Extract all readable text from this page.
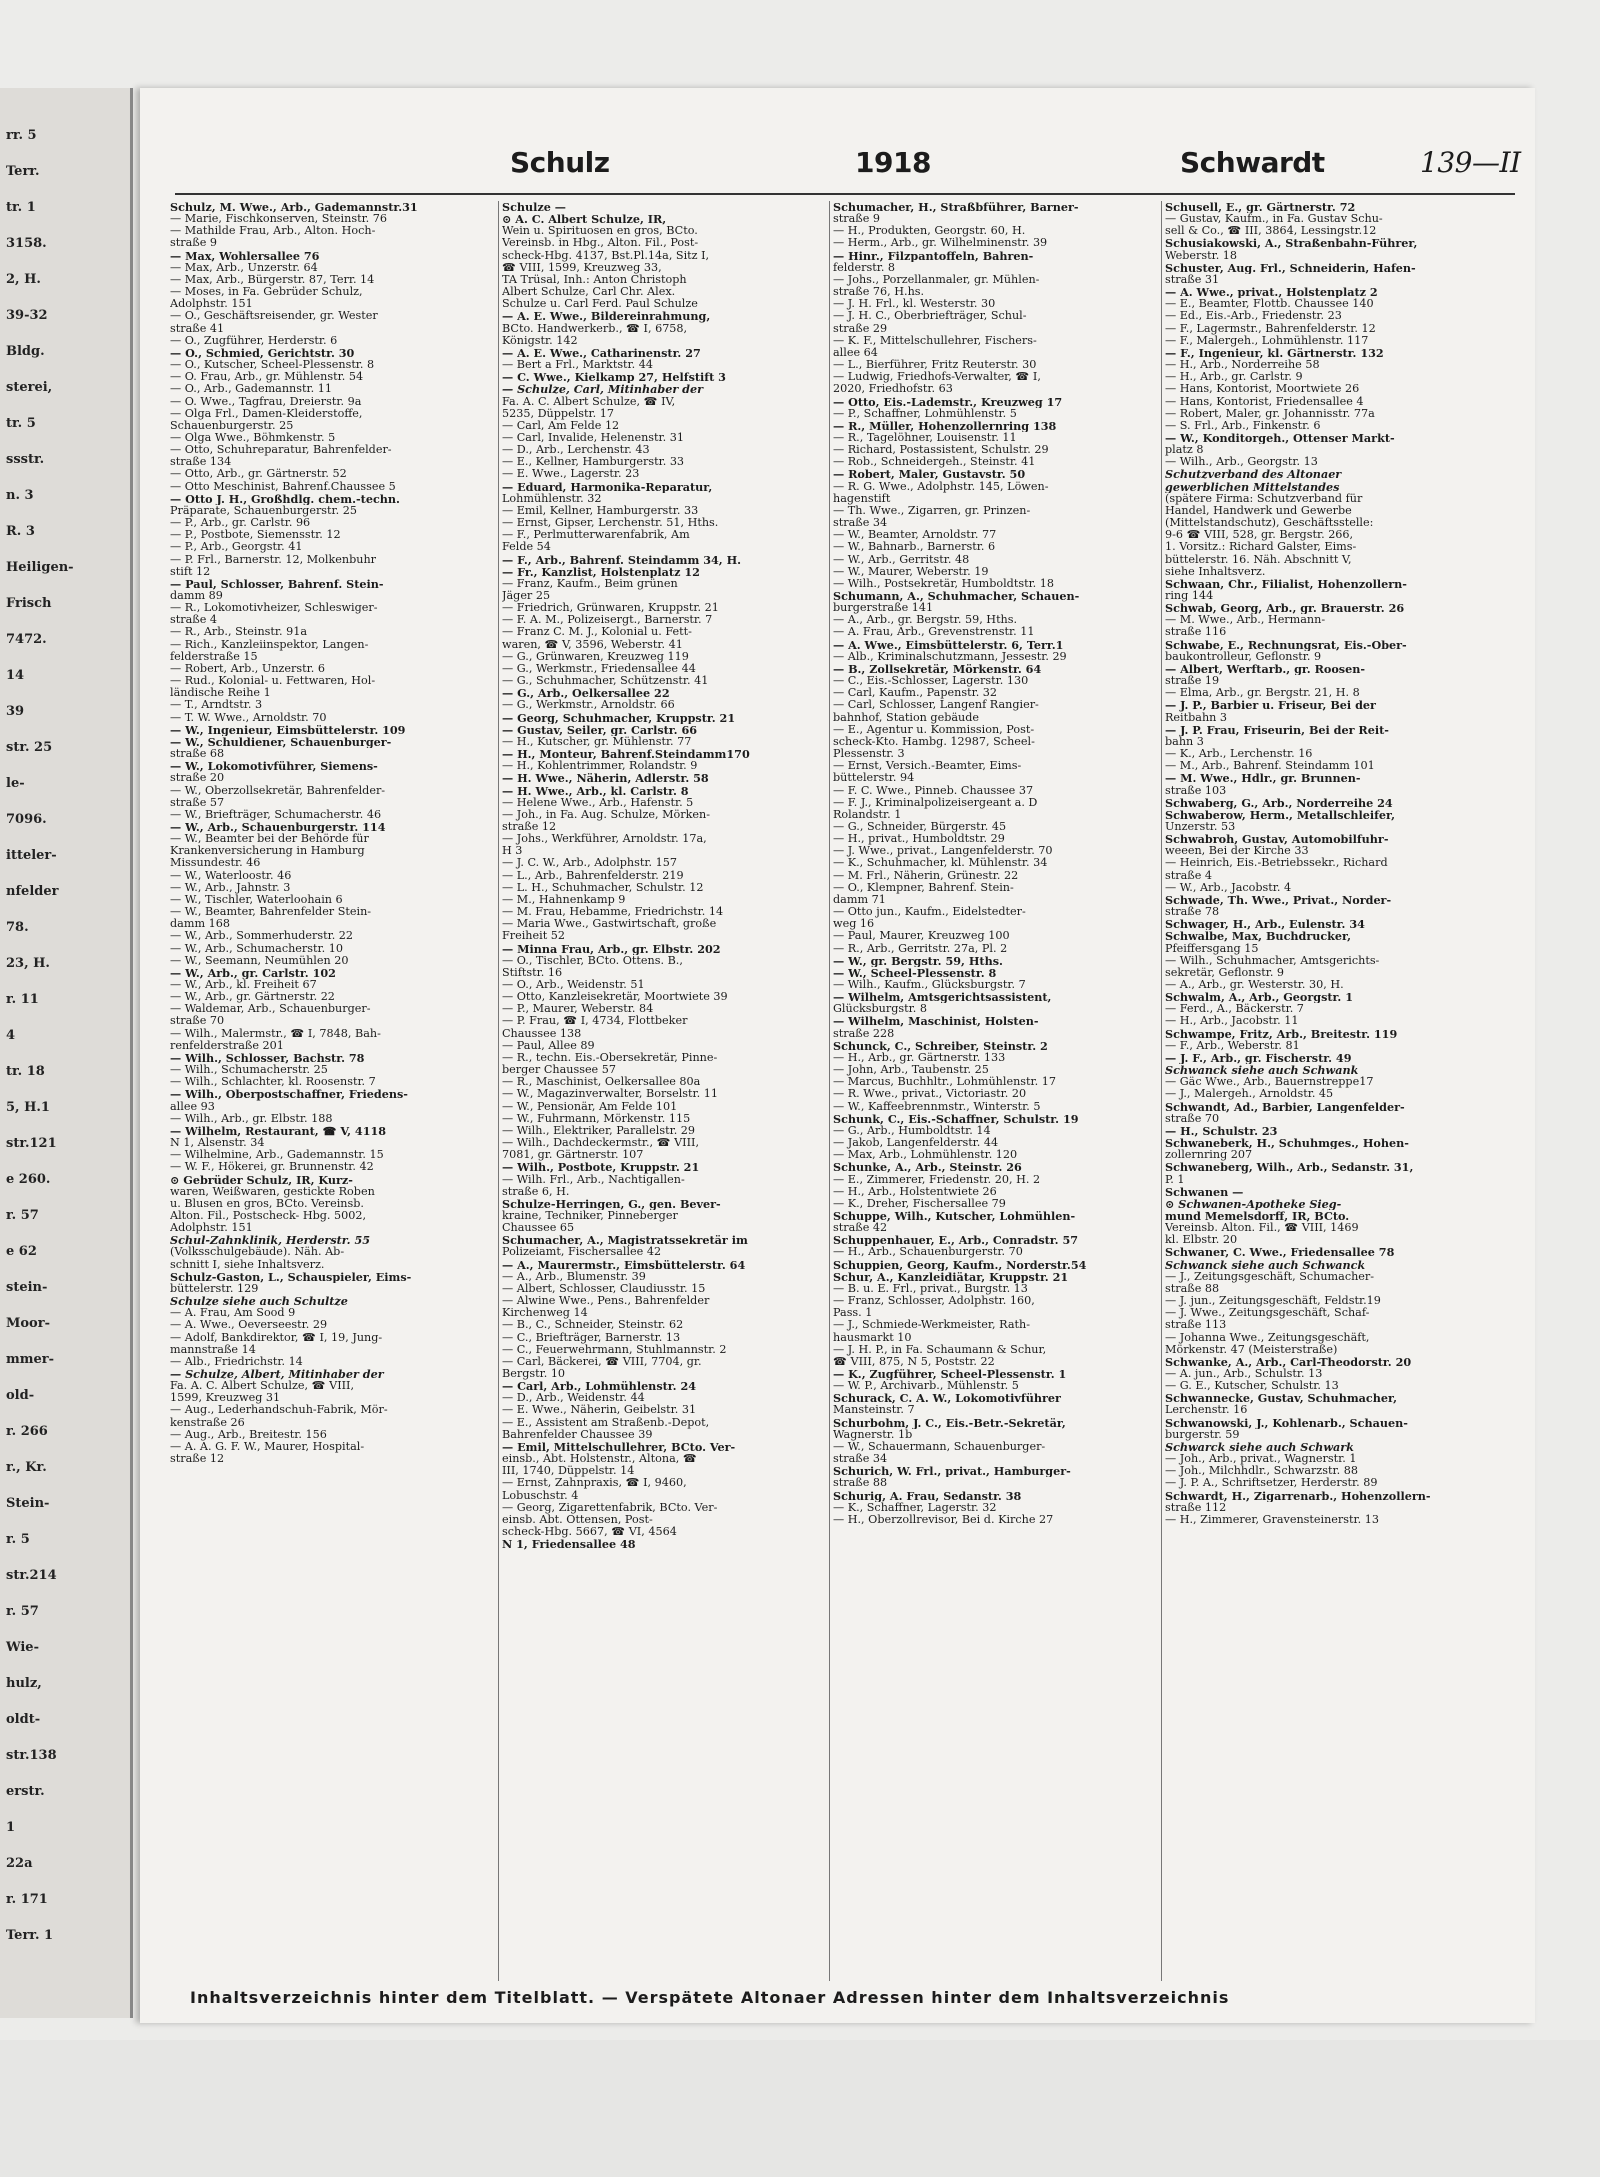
rr. 5
Terr.
tr. 1
3158.
2, H.
39-32
Bldg.
sterei,
tr. 5
ssstr.
n. 3
R. 3
Heiligen-
Frisch
7472.
14
39
str. 25
le-
7096.
itteler-
nfelder
78.
23, H.
r. 11
4
tr. 18
5, H.1
str.121
e 260.
r. 57
e 62
stein-
Moor-
mmer-
old-
r. 266
r., Kr.
Stein-
r. 5
str.214
r. 57
Wie-
hulz,
oldt-
str.138
erstr.
1
22a
r. 171
Terr. 1
Schulz	1918	Schwardt	139—II

Schulz, M. Wwe., Arb., Gademannstr.31

— Marie, Fischkonserven, Steinstr. 76

— Mathilde Frau, Arb., Alton. Hoch-

straße 9

— Max, Wohlersallee 76

— Max, Arb., Unzerstr. 64

— Max, Arb., Bürgerstr. 87, Terr. 14

— Moses, in Fa. Gebrüder Schulz,

Adolphstr. 151

— O., Geschäftsreisender, gr. Wester

straße 41

— O., Zugführer, Herderstr. 6

— O., Schmied, Gerichtstr. 30

— O., Kutscher, Scheel-Plessenstr. 8

— O. Frau, Arb., gr. Mühlenstr. 54

— O., Arb., Gademannstr. 11

— O. Wwe., Tagfrau, Dreierstr. 9a

— Olga Frl., Damen-Kleiderstoffe,

Schauenburgerstr. 25

— Olga Wwe., Böhmkenstr. 5

— Otto, Schuhreparatur, Bahrenfelder-

straße 134

— Otto, Arb., gr. Gärtnerstr. 52

— Otto Meschinist, Bahrenf.Chaussee 5

— Otto J. H., Großhdlg. chem.-techn.

Präparate, Schauenburgerstr. 25

— P., Arb., gr. Carlstr. 96

— P., Postbote, Siemensstr. 12

— P., Arb., Georgstr. 41

— P. Frl., Barnerstr. 12, Molkenbuhr

stift 12

— Paul, Schlosser, Bahrenf. Stein-

damm 89

— R., Lokomotivheizer, Schleswiger-

straße 4

— R., Arb., Steinstr. 91a

— Rich., Kanzleiinspektor, Langen-

felderstraße 15

— Robert, Arb., Unzerstr. 6

— Rud., Kolonial- u. Fettwaren, Hol-

ländische Reihe 1

— T., Arndtstr. 3

— T. W. Wwe., Arnoldstr. 70

— W., Ingenieur, Eimsbüttelerstr. 109

— W., Schuldiener, Schauenburger-

straße 68

— W., Lokomotivführer, Siemens-

straße 20

— W., Oberzollsekretär, Bahrenfelder-

straße 57

— W., Briefträger, Schumacherstr. 46

— W., Arb., Schauenburgerstr. 114

— W., Beamter bei der Behörde für

Krankenversicherung in Hamburg

Missundestr. 46

— W., Waterloostr. 46

— W., Arb., Jahnstr. 3

— W., Tischler, Waterloohain 6

— W., Beamter, Bahrenfelder Stein-

damm 168

— W., Arb., Sommerhuderstr. 22

— W., Arb., Schumacherstr. 10

— W., Seemann, Neumühlen 20

— W., Arb., gr. Carlstr. 102

— W., Arb., kl. Freiheit 67

— W., Arb., gr. Gärtnerstr. 22

— Waldemar, Arb., Schauenburger-

straße 70

— Wilh., Malermstr., ☎ I, 7848, Bah-

renfelderstraße 201

— Wilh., Schlosser, Bachstr. 78

— Wilh., Schumacherstr. 25

— Wilh., Schlachter, kl. Roosenstr. 7

— Wilh., Oberpostschaffner, Friedens-

allee 93

— Wilh., Arb., gr. Elbstr. 188

— Wilhelm, Restaurant, ☎ V, 4118

N 1, Alsenstr. 34

— Wilhelmine, Arb., Gademannstr. 15

— W. F., Hökerei, gr. Brunnenstr. 42

⊙ Gebrüder Schulz, IR, Kurz-

waren, Weißwaren, gestickte Roben

u. Blusen en gros, BCto. Vereinsb.

Alton. Fil., Postscheck- Hbg. 5002,

Adolphstr. 151

Schul-Zahnklinik, Herderstr. 55

(Volksschulgebäude). Näh. Ab-

schnitt I, siehe Inhaltsverz.

Schulz-Gaston, L., Schauspieler, Eims-

büttelerstr. 129

Schulze siehe auch Schultze

— A. Frau, Am Sood 9

— A. Wwe., Oeverseestr. 29

— Adolf, Bankdirektor, ☎ I, 19, Jung-

mannstraße 14

— Alb., Friedrichstr. 14

— Schulze, Albert, Mitinhaber der

Fa. A. C. Albert Schulze, ☎ VIII,

1599, Kreuzweg 31

— Aug., Lederhandschuh-Fabrik, Mör-

kenstraße 26

— Aug., Arb., Breitestr. 156

— A. A. G. F. W., Maurer, Hospital-

straße 12

Schulze —

⊙ A. C. Albert Schulze, IR,

Wein u. Spirituosen en gros, BCto.

Vereinsb. in Hbg., Alton. Fil., Post-

scheck-Hbg. 4137, Bst.Pl.14a, Sitz I,

☎ VIII, 1599, Kreuzweg 33,

TA Trüsal, Inh.: Anton Christoph

Albert Schulze, Carl Chr. Alex.

Schulze u. Carl Ferd. Paul Schulze

— A. E. Wwe., Bildereinrahmung,

BCto. Handwerkerb., ☎ I, 6758,

Königstr. 142

— A. E. Wwe., Catharinenstr. 27

— Bert a Frl., Marktstr. 44

— C. Wwe., Kielkamp 27, Helfstift 3

— Schulze, Carl, Mitinhaber der

Fa. A. C. Albert Schulze, ☎ IV,

5235, Düppelstr. 17

— Carl, Am Felde 12

— Carl, Invalide, Helenenstr. 31

— D., Arb., Lerchenstr. 43

— E., Kellner, Hamburgerstr. 33

— E. Wwe., Lagerstr. 23

— Eduard, Harmonika-Reparatur,

Lohmühlenstr. 32

— Emil, Kellner, Hamburgerstr. 33

— Ernst, Gipser, Lerchenstr. 51, Hths.

— F., Perlmutterwarenfabrik, Am

Felde 54

— F., Arb., Bahrenf. Steindamm 34, H.

— Fr., Kanzlist, Holstenplatz 12

— Franz, Kaufm., Beim grünen

Jäger 25

— Friedrich, Grünwaren, Kruppstr. 21

— F. A. M., Polizeisergt., Barnerstr. 7

— Franz C. M. J., Kolonial u. Fett-

waren, ☎ V, 3596, Weberstr. 41

— G., Grünwaren, Kreuzweg 119

— G., Werkmstr., Friedensallee 44

— G., Schuhmacher, Schützenstr. 41

— G., Arb., Oelkersallee 22

— G., Werkmstr., Arnoldstr. 66

— Georg, Schuhmacher, Kruppstr. 21

— Gustav, Seiler, gr. Carlstr. 66

— H., Kutscher, gr. Mühlenstr. 77

— H., Monteur, Bahrenf.Steindamm170

— H., Kohlentrimmer, Rolandstr. 9

— H. Wwe., Näherin, Adlerstr. 58

— H. Wwe., Arb., kl. Carlstr. 8

— Helene Wwe., Arb., Hafenstr. 5

— Joh., in Fa. Aug. Schulze, Mörken-

straße 12

— Johs., Werkführer, Arnoldstr. 17a,

H 3

— J. C. W., Arb., Adolphstr. 157

— L., Arb., Bahrenfelderstr. 219

— L. H., Schuhmacher, Schulstr. 12

— M., Hahnenkamp 9

— M. Frau, Hebamme, Friedrichstr. 14

— Maria Wwe., Gastwirtschaft, große

Freiheit 52

— Minna Frau, Arb., gr. Elbstr. 202

— O., Tischler, BCto. Ottens. B.,

Stiftstr. 16

— O., Arb., Weidenstr. 51

— Otto, Kanzleisekretär, Moortwiete 39

— P., Maurer, Weberstr. 84

— P. Frau, ☎ I, 4734, Flottbeker

Chaussee 138

— Paul, Allee 89

— R., techn. Eis.-Obersekretär, Pinne-

berger Chaussee 57

— R., Maschinist, Oelkersallee 80a

— W., Magazinverwalter, Borselstr. 11

— W., Pensionär, Am Felde 101

— W., Fuhrmann, Mörkenstr. 115

— Wilh., Elektriker, Parallelstr. 29

— Wilh., Dachdeckermstr., ☎ VIII,

7081, gr. Gärtnerstr. 107

— Wilh., Postbote, Kruppstr. 21

— Wilh. Frl., Arb., Nachtigallen-

straße 6, H.

Schulze-Herringen, G., gen. Bever-

kraine, Techniker, Pinneberger

Chaussee 65

Schumacher, A., Magistratssekretär im

Polizeiamt, Fischersallee 42

— A., Maurermstr., Eimsbüttelerstr. 64

— A., Arb., Blumenstr. 39

— Albert, Schlosser, Claudiusstr. 15

— Alwine Wwe., Pens., Bahrenfelder

Kirchenweg 14

— B., C., Schneider, Steinstr. 62

— C., Briefträger, Barnerstr. 13

— C., Feuerwehrmann, Stuhlmannstr. 2

— Carl, Bäckerei, ☎ VIII, 7704, gr.

Bergstr. 10

— Carl, Arb., Lohmühlenstr. 24

— D., Arb., Weidenstr. 44

— E. Wwe., Näherin, Geibelstr. 31

— E., Assistent am Straßenb.-Depot,

Bahrenfelder Chaussee 39

— Emil, Mittelschullehrer, BCto. Ver-

einsb., Abt. Holstenstr., Altona, ☎

III, 1740, Düppelstr. 14

— Ernst, Zahnpraxis, ☎ I, 9460,

Lobuschstr. 4

— Georg, Zigarettenfabrik, BCto. Ver-

einsb. Abt. Ottensen, Post-

scheck-Hbg. 5667, ☎ VI, 4564

N 1, Friedensallee 48

Schumacher, H., Straßbführer, Barner-

straße 9

— H., Produkten, Georgstr. 60, H.

— Herm., Arb., gr. Wilhelminenstr. 39

— Hinr., Filzpantoffeln, Bahren-

felderstr. 8

— Johs., Porzellanmaler, gr. Mühlen-

straße 76, H.hs.

— J. H. Frl., kl. Westerstr. 30

— J. H. C., Oberbriefträger, Schul-

straße 29

— K. F., Mittelschullehrer, Fischers-

allee 64

— L., Bierführer, Fritz Reuterstr. 30

— Ludwig, Friedhofs-Verwalter, ☎ I,

2020, Friedhofstr. 63

— Otto, Eis.-Lademstr., Kreuzweg 17

— P., Schaffner, Lohmühlenstr. 5

— R., Müller, Hohenzollernring 138

— R., Tagelöhner, Louisenstr. 11

— Richard, Postassistent, Schulstr. 29

— Rob., Schneidergeh., Steinstr. 41

— Robert, Maler, Gustavstr. 50

— R. G. Wwe., Adolphstr. 145, Löwen-

hagenstift

— Th. Wwe., Zigarren, gr. Prinzen-

straße 34

— W., Beamter, Arnoldstr. 77

— W., Bahnarb., Barnerstr. 6

— W., Arb., Gerritstr. 48

— W., Maurer, Weberstr. 19

— Wilh., Postsekretär, Humboldtstr. 18

Schumann, A., Schuhmacher, Schauen-

burgerstraße 141

— A., Arb., gr. Bergstr. 59, Hths.

— A. Frau, Arb., Grevenstrenstr. 11

— A. Wwe., Eimsbüttelerstr. 6, Terr.1

— Alb., Kriminalschutzmann, Jessestr. 29

— B., Zollsekretär, Mörkenstr. 64

— C., Eis.-Schlosser, Lagerstr. 130

— Carl, Kaufm., Papenstr. 32

— Carl, Schlosser, Langenf Rangier-

bahnhof, Station gebäude

— E., Agentur u. Kommission, Post-

scheck-Kto. Hambg. 12987, Scheel-

Plessenstr. 3

— Ernst, Versich.-Beamter, Eims-

büttelerstr. 94

— F. C. Wwe., Pinneb. Chaussee 37

— F. J., Kriminalpolizeisergeant a. D

Rolandstr. 1

— G., Schneider, Bürgerstr. 45

— H., privat., Humboldtstr. 29

— J. Wwe., privat., Langenfelderstr. 70

— K., Schuhmacher, kl. Mühlenstr. 34

— M. Frl., Näherin, Grünestr. 22

— O., Klempner, Bahrenf. Stein-

damm 71

— Otto jun., Kaufm., Eidelstedter-

weg 16

— Paul, Maurer, Kreuzweg 100

— R., Arb., Gerritstr. 27a, Pl. 2

— W., gr. Bergstr. 59, Hths.

— W., Scheel-Plessenstr. 8

— Wilh., Kaufm., Glücksburgstr. 7

— Wilhelm, Amtsgerichtsassistent,

Glücksburgstr. 8

— Wilhelm, Maschinist, Holsten-

straße 228

Schunck, C., Schreiber, Steinstr. 2

— H., Arb., gr. Gärtnerstr. 133

— John, Arb., Taubenstr. 25

— Marcus, Buchhltr., Lohmühlenstr. 17

— R. Wwe., privat., Victoriastr. 20

— W., Kaffeebrennmstr., Winterstr. 5

Schunk, C., Eis.-Schaffner, Schulstr. 19

— G., Arb., Humboldtstr. 14

— Jakob, Langenfelderstr. 44

— Max, Arb., Lohmühlenstr. 120

Schunke, A., Arb., Steinstr. 26

— E., Zimmerer, Friedenstr. 20, H. 2

— H., Arb., Holstentwiete 26

— K., Dreher, Fischersallee 79

Schuppe, Wilh., Kutscher, Lohmühlen-

straße 42

Schuppenhauer, E., Arb., Conradstr. 57

— H., Arb., Schauenburgerstr. 70

Schuppien, Georg, Kaufm., Norderstr.54

Schur, A., Kanzleidiätar, Kruppstr. 21

— B. u. E. Frl., privat., Burgstr. 13

— Franz, Schlosser, Adolphstr. 160,

Pass. 1

— J., Schmiede-Werkmeister, Rath-

hausmarkt 10

— J. H. P., in Fa. Schaumann & Schur,

☎ VIII, 875, N 5, Poststr. 22

— K., Zugführer, Scheel-Plessenstr. 1

— W. P., Archivarb., Mühlenstr. 5

Schurack, C. A. W., Lokomotivführer

Mansteinstr. 7

Schurbohm, J. C., Eis.-Betr.-Sekretär,

Wagnerstr. 1b

— W., Schauermann, Schauenburger-

straße 34

Schurich, W. Frl., privat., Hamburger-

straße 88

Schurig, A. Frau, Sedanstr. 38

— K., Schaffner, Lagerstr. 32

— H., Oberzollrevisor, Bei d. Kirche 27

Schusell, E., gr. Gärtnerstr. 72

— Gustav, Kaufm., in Fa. Gustav Schu-

sell & Co., ☎ III, 3864, Lessingstr.12

Schusiakowski, A., Straßenbahn-Führer,

Weberstr. 18

Schuster, Aug. Frl., Schneiderin, Hafen-

straße 31

— A. Wwe., privat., Holstenplatz 2

— E., Beamter, Flottb. Chaussee 140

— Ed., Eis.-Arb., Friedenstr. 23

— F., Lagermstr., Bahrenfelderstr. 12

— F., Malergeh., Lohmühlenstr. 117

— F., Ingenieur, kl. Gärtnerstr. 132

— H., Arb., Norderreihe 58

— H., Arb., gr. Carlstr. 9

— Hans, Kontorist, Moortwiete 26

— Hans, Kontorist, Friedensallee 4

— Robert, Maler, gr. Johannisstr. 77a

— S. Frl., Arb., Finkenstr. 6

— W., Konditorgeh., Ottenser Markt-

platz 8

— Wilh., Arb., Georgstr. 13

Schutzverband des Altonaer

gewerblichen Mittelstandes

(spätere Firma: Schutzverband für

Handel, Handwerk und Gewerbe

(Mittelstandschutz), Geschäftsstelle:

9-6 ☎ VIII, 528, gr. Bergstr. 266,

1. Vorsitz.: Richard Galster, Eims-

büttelerstr. 16. Näh. Abschnitt V,

siehe Inhaltsverz.

Schwaan, Chr., Filialist, Hohenzollern-

ring 144

Schwab, Georg, Arb., gr. Brauerstr. 26

— M. Wwe., Arb., Hermann-

straße 116

Schwabe, E., Rechnungsrat, Eis.-Ober-

baukontrolleur, Geflonstr. 9

— Albert, Werftarb., gr. Roosen-

straße 19

— Elma, Arb., gr. Bergstr. 21, H. 8

— J. P., Barbier u. Friseur, Bei der

Reitbahn 3

— J. P. Frau, Friseurin, Bei der Reit-

bahn 3

— K., Arb., Lerchenstr. 16

— M., Arb., Bahrenf. Steindamm 101

— M. Wwe., Hdlr., gr. Brunnen-

straße 103

Schwaberg, G., Arb., Norderreihe 24

Schwaberow, Herm., Metallschleifer,

Unzerstr. 53

Schwabroh, Gustav, Automobilfuhr-

weeen, Bei der Kirche 33

— Heinrich, Eis.-Betriebssekr., Richard

straße 4

— W., Arb., Jacobstr. 4

Schwade, Th. Wwe., Privat., Norder-

straße 78

Schwager, H., Arb., Eulenstr. 34

Schwalbe, Max, Buchdrucker,

Pfeiffersgang 15

— Wilh., Schuhmacher, Amtsgerichts-

sekretär, Geflonstr. 9

— A., Arb., gr. Westerstr. 30, H.

Schwalm, A., Arb., Georgstr. 1

— Ferd., A., Bäckerstr. 7

— H., Arb., Jacobstr. 11

Schwampe, Fritz, Arb., Breitestr. 119

— F., Arb., Weberstr. 81

— J. F., Arb., gr. Fischerstr. 49

Schwanck siehe auch Schwank

— Gäc Wwe., Arb., Bauernstreppe17

— J., Malergeh., Arnoldstr. 45

Schwandt, Ad., Barbier, Langenfelder-

straße 70

— H., Schulstr. 23

Schwaneberk, H., Schuhmges., Hohen-

zollernring 207

Schwaneberg, Wilh., Arb., Sedanstr. 31,

P. 1

Schwanen —

⊙ Schwanen-Apotheke Sieg-

mund Memelsdorff, IR, BCto.

Vereinsb. Alton. Fil., ☎ VIII, 1469

kl. Elbstr. 20

Schwaner, C. Wwe., Friedensallee 78

Schwanck siehe auch Schwanck

— J., Zeitungsgeschäft, Schumacher-

straße 88

— J. jun., Zeitungsgeschäft, Feldstr.19

— J. Wwe., Zeitungsgeschäft, Schaf-

straße 113

— Johanna Wwe., Zeitungsgeschäft,

Mörkenstr. 47 (Meisterstraße)

Schwanke, A., Arb., Carl-Theodorstr. 20

— A. jun., Arb., Schulstr. 13

— G. E., Kutscher, Schulstr. 13

Schwannecke, Gustav, Schuhmacher,

Lerchenstr. 16

Schwanowski, J., Kohlenarb., Schauen-

burgerstr. 59

Schwarck siehe auch Schwark

— Joh., Arb., privat., Wagnerstr. 1

— Joh., Milchhdlr., Schwarzstr. 88

— J. P. A., Schriftsetzer, Herderstr. 89

Schwardt, H., Zigarrenarb., Hohenzollern-

straße 112

— H., Zimmerer, Gravensteinerstr. 13

Inhaltsverzeichnis hinter dem Titelblatt. — Verspätete Altonaer Adressen hinter dem Inhaltsverzeichnis
